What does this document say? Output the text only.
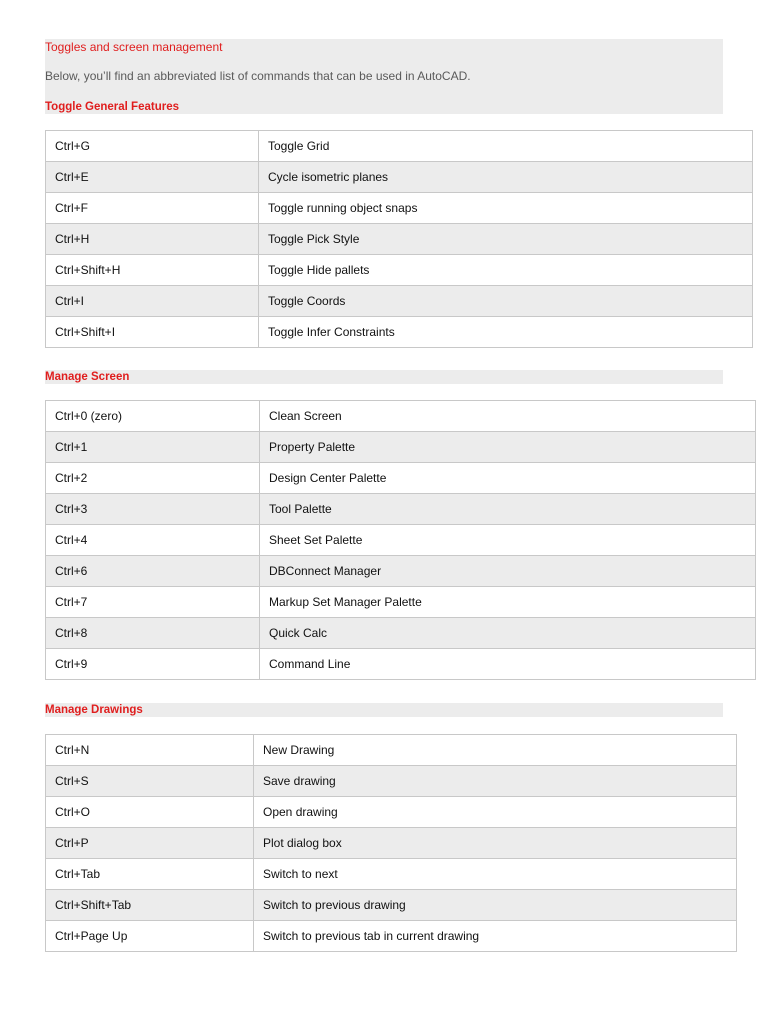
Toggles and screen management
Below, you’ll find an abbreviated list of commands that can be used in AutoCAD.
Toggle General Features
Ctrl+G	Toggle Grid
Ctrl+E	Cycle isometric planes
Ctrl+F	Toggle running object snaps
Ctrl+H	Toggle Pick Style
Ctrl+Shift+H	Toggle Hide pallets
Ctrl+I	Toggle Coords
Ctrl+Shift+I	Toggle Infer Constraints
Manage Screen
Ctrl+0 (zero)	Clean Screen
Ctrl+1	Property Palette
Ctrl+2	Design Center Palette
Ctrl+3	Tool Palette
Ctrl+4	Sheet Set Palette
Ctrl+6	DBConnect Manager
Ctrl+7	Markup Set Manager Palette
Ctrl+8	Quick Calc
Ctrl+9	Command Line
Manage Drawings
Ctrl+N	New Drawing
Ctrl+S	Save drawing
Ctrl+O	Open drawing
Ctrl+P	Plot dialog box
Ctrl+Tab	Switch to next
Ctrl+Shift+Tab	Switch to previous drawing
Ctrl+Page Up	Switch to previous tab in current drawing
